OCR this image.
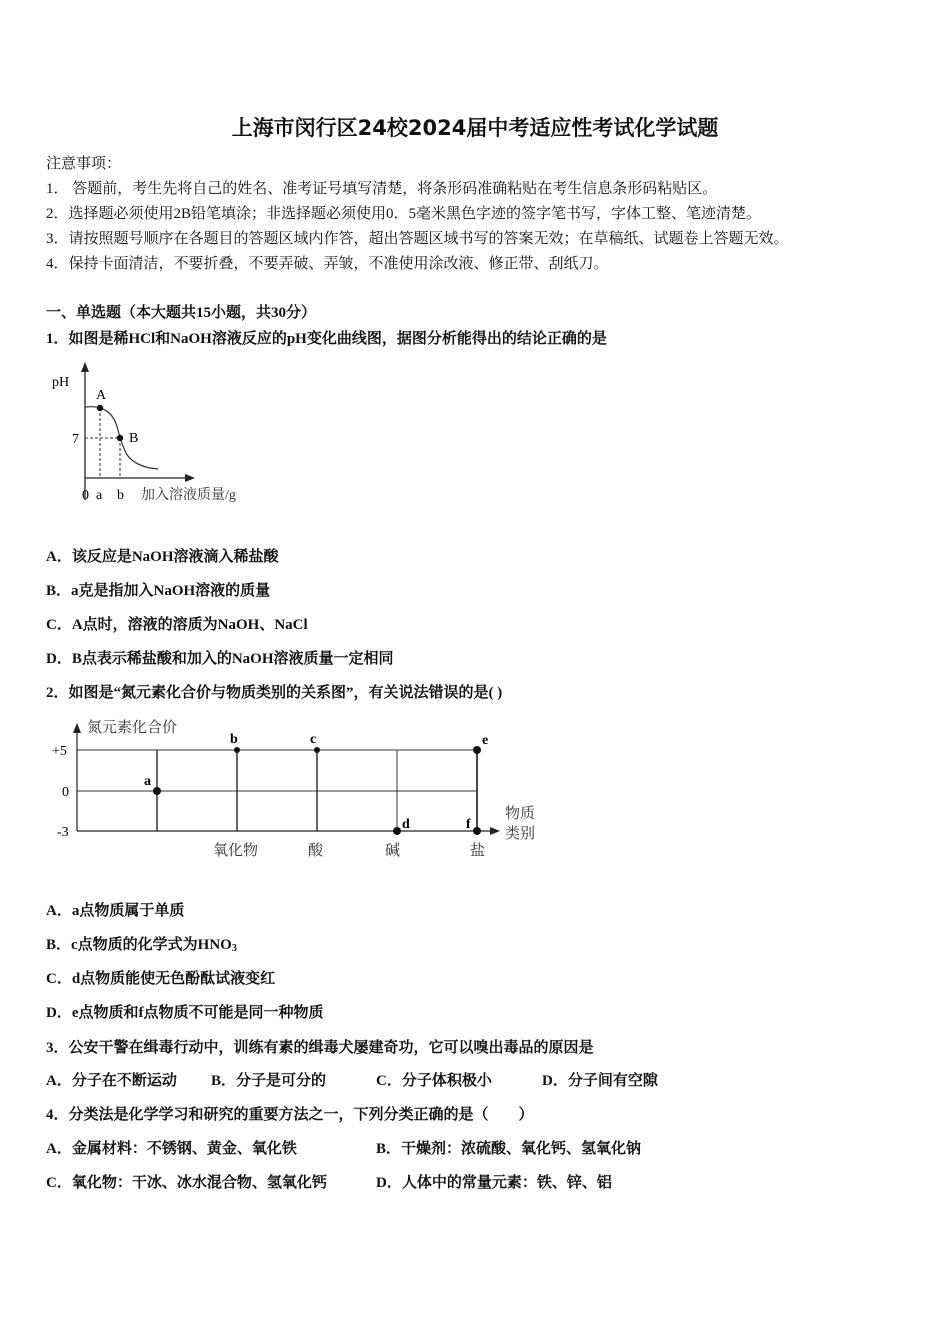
上海市闵行区24校2024届中考适应性考试化学试题
注意事项：
1． 答题前，考生先将自己的姓名、准考证号填写清楚，将条形码准确粘贴在考生信息条形码粘贴区。
2．选择题必须使用2B铅笔填涂；非选择题必须使用0．5毫米黑色字迹的签字笔书写，字体工整、笔迹清楚。
3．请按照题号顺序在各题目的答题区域内作答，超出答题区域书写的答案无效；在草稿纸、试题卷上答题无效。
4．保持卡面清洁，不要折叠，不要弄破、弄皱，不准使用涂改液、修正带、刮纸刀。
一、单选题（本大题共15小题，共30分）
1．如图是稀HCl和NaOH溶液反应的pH变化曲线图，据图分析能得出的结论正确的是
pH
A
B
7
0 a b 加入溶液质量/g
A．该反应是NaOH溶液滴入稀盐酸
B．a克是指加入NaOH溶液的质量
C．A点时，溶液的溶质为NaOH、NaCl
D．B点表示稀盐酸和加入的NaOH溶液质量一定相同
2．如图是“氮元素化合价与物质类别的关系图”，有关说法错误的是( )
氮元素化合价
+5
0
-3
a
b	c
d
e
f
氧化物	酸	碱	盐
物质
类别
A．a点物质属于单质
B．c点物质的化学式为$HNO_3$
C．d点物质能使无色酚酞试液变红
D．e点物质和f点物质不可能是同一种物质
3．公安干警在缉毒行动中，训练有素的缉毒犬屡建奇功，它可以嗅出毒品的原因是
A．分子在不断运动 B．分子是可分的	C．分子体积极小	D．分子间有空隙
4．分类法是化学学习和研究的重要方法之一，下列分类正确的是（　　）
A．金属材料：不锈钢、黄金、氧化铁	B．干燥剂：浓硫酸、氧化钙、氢氧化钠
C．氧化物：干冰、冰水混合物、氢氧化钙	D．人体中的常量元素：铁、锌、铝
